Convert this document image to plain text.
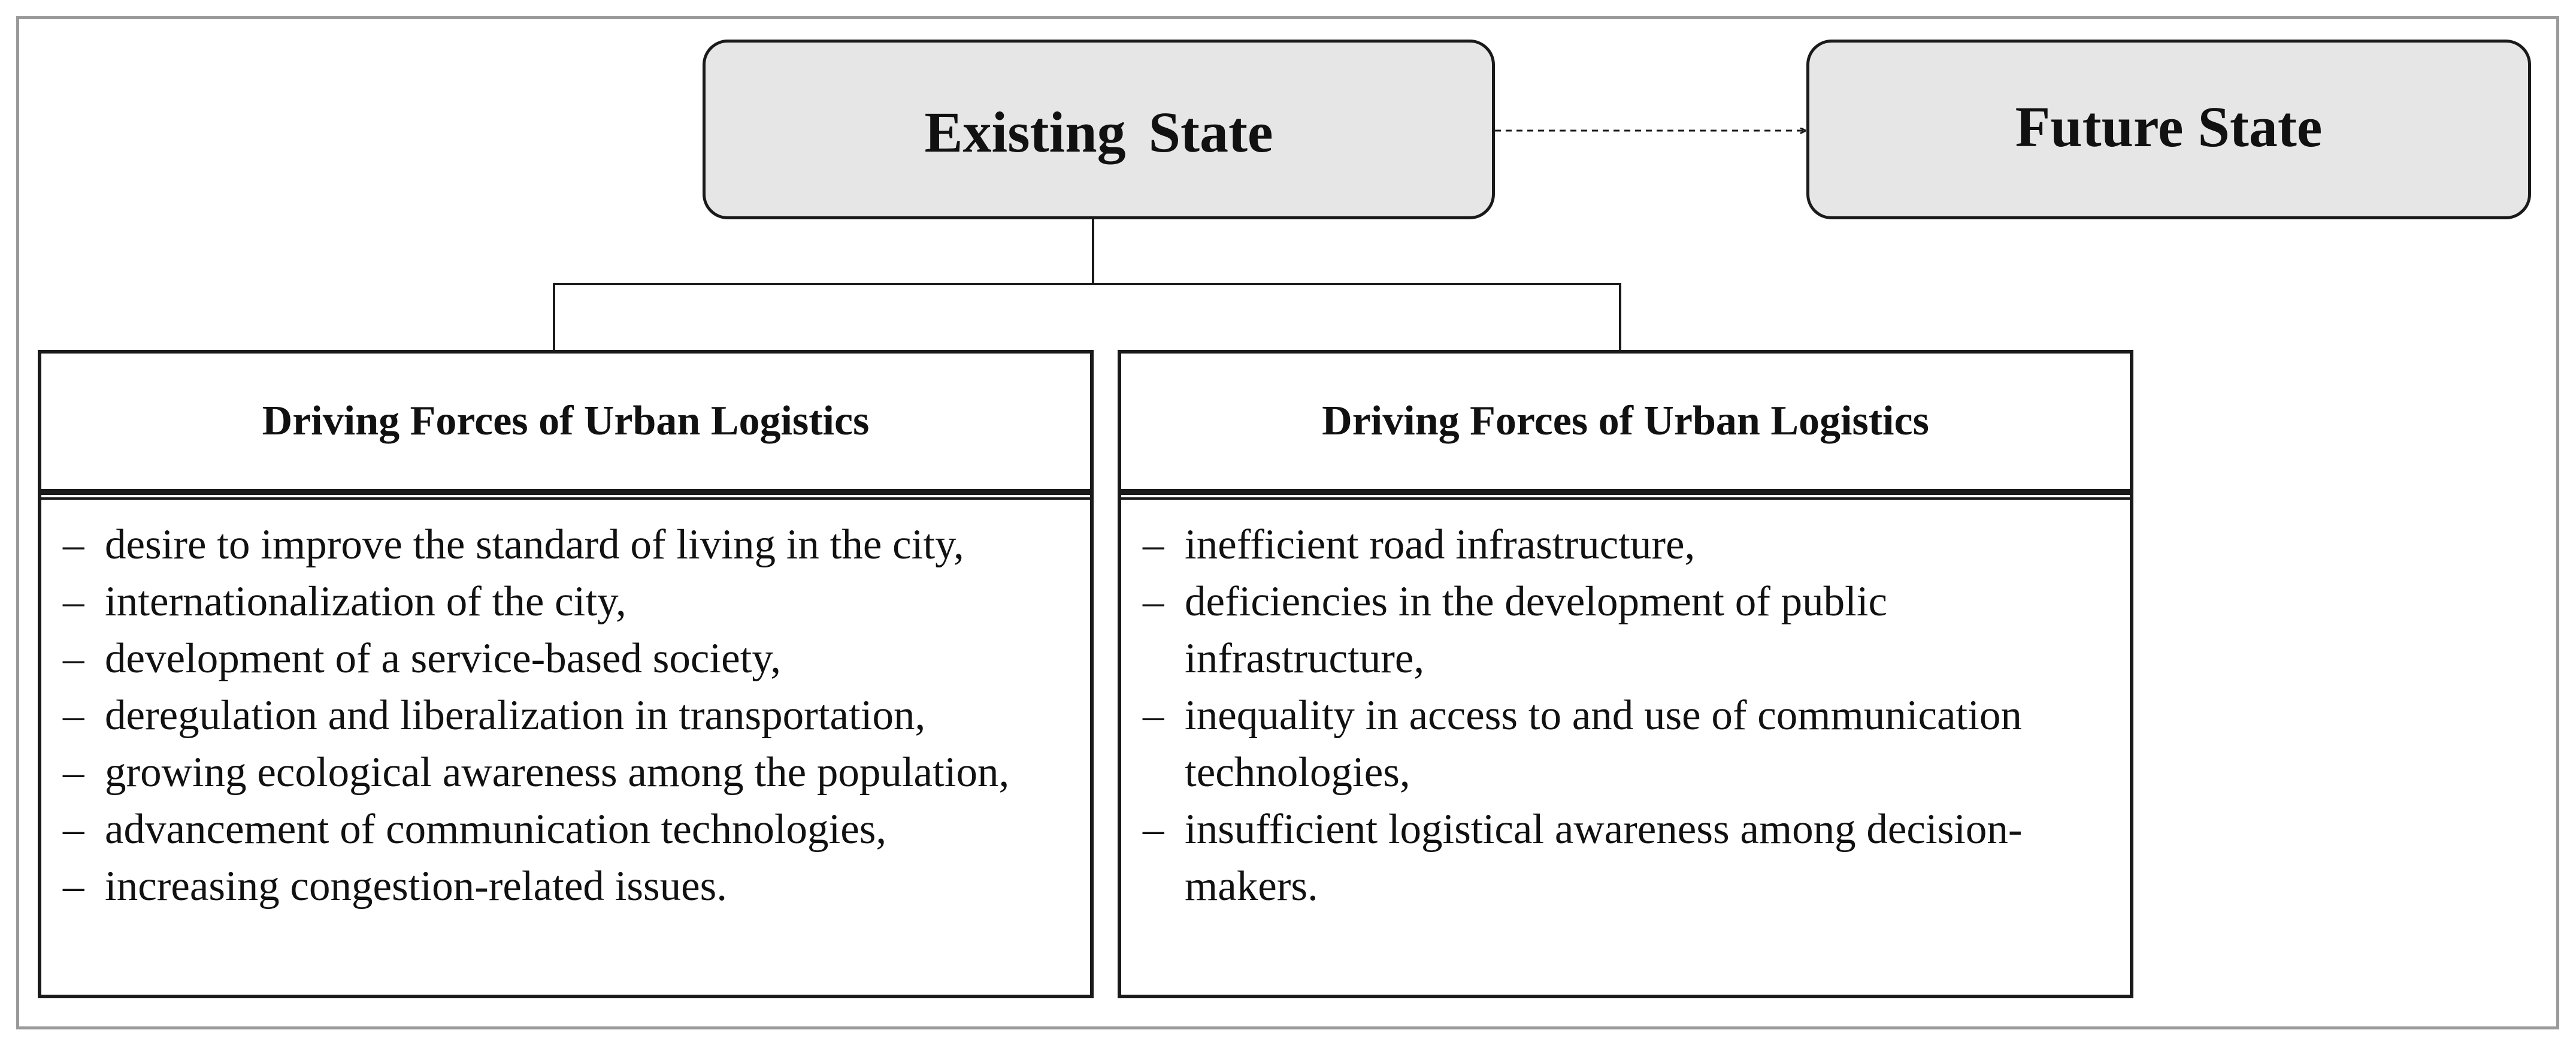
Existing State	Future State
Driving Forces of Urban Logistics
– desire to improve the standard of living in the city,
– internationalization of the city,
– development of a service-based society,
– deregulation and liberalization in transportation,
– growing ecological awareness among the population,
– advancement of communication technologies,
– increasing congestion-related issues.
Driving Forces of Urban Logistics
– inefficient road infrastructure,
– deficiencies in the development of public infrastructure,
– inequality in access to and use of communication technologies,
– insufficient logistical awareness among decision-makers.
